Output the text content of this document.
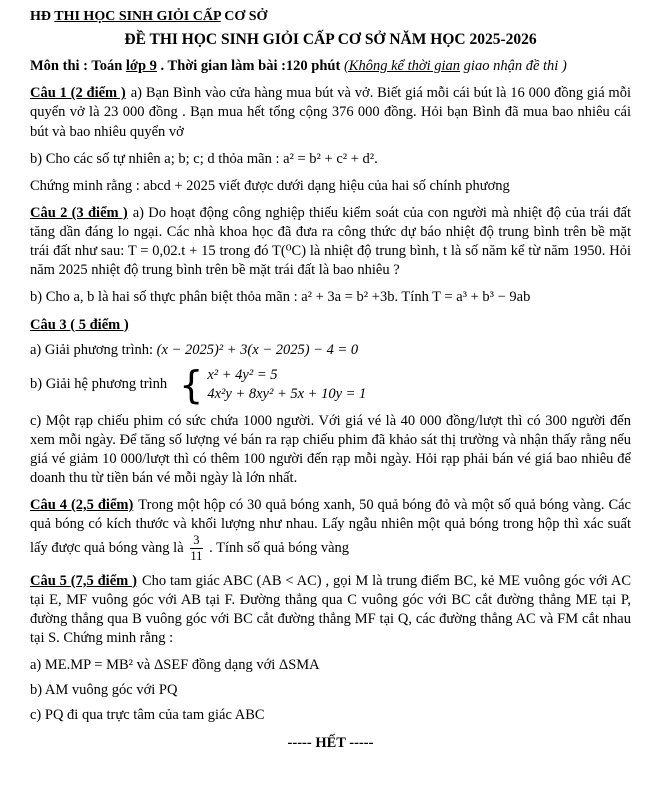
HĐ THI HỌC SINH GIỎI CẤP CƠ SỞ
ĐỀ THI HỌC SINH GIỎI CẤP CƠ SỞ NĂM HỌC 2025-2026
Môn thi : Toán lớp 9 . Thời gian làm bài :120 phút (Không kể thời gian giao nhận đề thi )

Câu 1 (2 điểm ) a) Bạn Bình vào cửa hàng mua bút và vở. Biết giá mỗi cái bút là 16 000 đồng giá mỗi quyển vở là 23 000 đồng . Bạn mua hết tổng cộng 376 000 đồng. Hỏi bạn Bình đã mua bao nhiêu cái bút và bao nhiêu quyển vở

b) Cho các số tự nhiên a; b; c; d thỏa mãn : a² = b² + c² + d².

Chứng minh rằng : abcd + 2025 viết được dưới dạng hiệu của hai số chính phương

Câu 2 (3 điểm ) a) Do hoạt động công nghiệp thiếu kiểm soát của con người mà nhiệt độ của trái đất tăng dần đáng lo ngại. Các nhà khoa học đã đưa ra công thức dự báo nhiệt độ trung bình trên bề mặt trái đất như sau: T = 0,02.t + 15 trong đó T(⁰C) là nhiệt độ trung bình, t là số năm kể từ năm 1950. Hỏi năm 2025 nhiệt độ trung bình trên bề mặt trái đất là bao nhiêu ?

b) Cho a, b là hai số thực phân biệt thỏa mãn : a² + 3a = b² +3b. Tính T = a³ + b³ − 9ab

Câu 3 ( 5 điểm )

a) Giải phương trình: (x − 2025)² + 3(x − 2025) − 4 = 0

b) Giải hệ phương trình { x² + 4y² = 5
4x²y + 8xy² + 5x + 10y = 1

c) Một rạp chiếu phim có sức chứa 1000 người. Với giá vé là 40 000 đồng/lượt thì có 300 người đến xem mỗi ngày. Để tăng số lượng vé bán ra rạp chiếu phim đã khảo sát thị trường và nhận thấy rằng nếu giá vé giảm 10 000/lượt thì có thêm 100 người đến rạp mỗi ngày. Hỏi rạp phải bán vé giá bao nhiêu để doanh thu từ tiền bán vé mỗi ngày là lớn nhất.

Câu 4 (2,5 điểm) Trong một hộp có 30 quả bóng xanh, 50 quả bóng đỏ và một số quả bóng vàng. Các quả bóng có kích thước và khối lượng như nhau. Lấy ngẫu nhiên một quả bóng trong hộp thì xác suất lấy được quả bóng vàng là $\frac{3}{11}$ . Tính số quả bóng vàng

Câu 5 (7,5 điểm ) Cho tam giác ABC (AB < AC) , gọi M là trung điểm BC, kẻ ME vuông góc với AC tại E, MF vuông góc với AB tại F. Đường thẳng qua C vuông góc với BC cắt đường thẳng ME tại P, đường thẳng qua B vuông góc với BC cắt đường thẳng MF tại Q, các đường thẳng AC và FM cắt nhau tại S. Chứng minh rằng :

a) ME.MP = MB² và ΔSEF đồng dạng với ΔSMA

b) AM vuông góc với PQ

c) PQ đi qua trực tâm của tam giác ABC

----- HẾT -----
